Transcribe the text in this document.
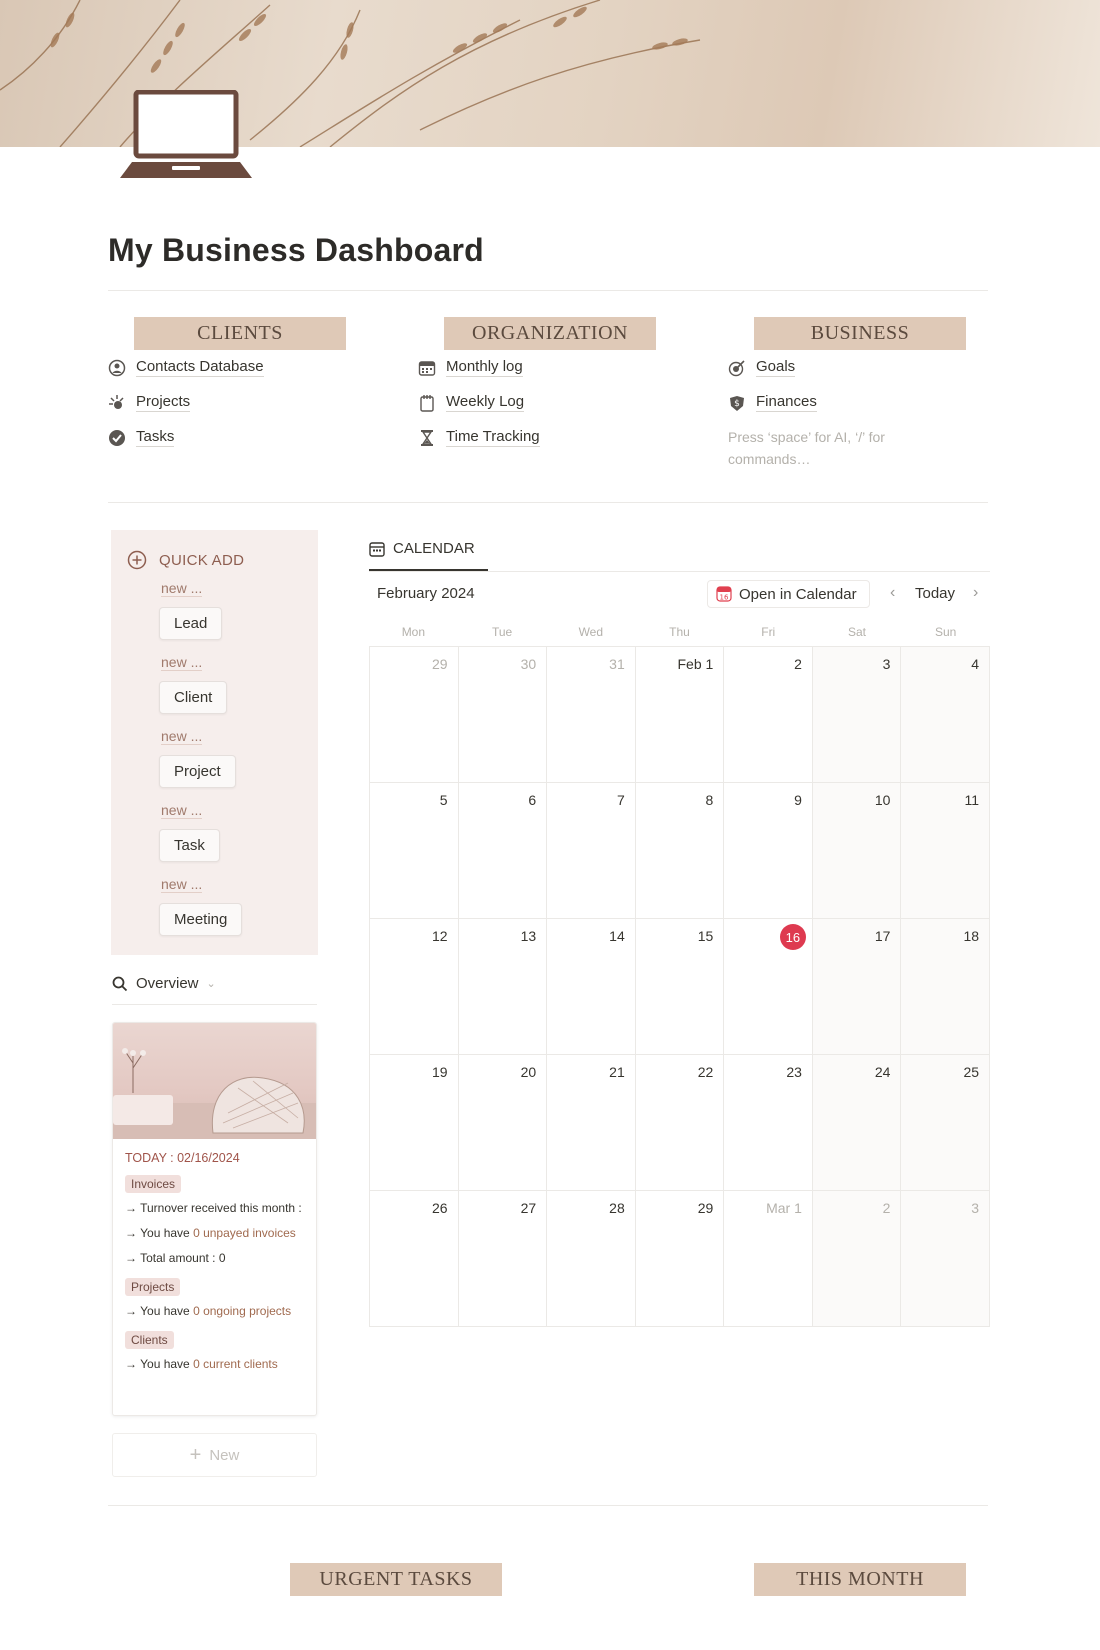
My Business Dashboard
CLIENTS
Contacts Database
Projects
Tasks
ORGANIZATION
Monthly log
Weekly Log
Time Tracking
BUSINESS
Goals
$ Finances
Press ‘space’ for AI, ‘/’ for commands…
QUICK ADD
new ...
Lead
new ...
Client
new ...
Project
new ...
Task
new ...
Meeting
Overview ⌄
TODAY : 02/16/2024
Invoices
→ Turnover received this month :
→ You have 0 unpayed invoices
→ Total amount : 0
Projects
→ You have 0 ongoing projects
Clients
→ You have 0 current clients
+ New
CALENDAR
February 2024	16 Open in Calendar ‹ Today ›
Mon	Tue	Wed	Thu	Fri	Sat	Sun
29	30	31	Feb 1	2	3	4
5	6	7	8	9	10	11
12	13	14	15	16	17	18
19	20	21	22	23	24	25
26	27	28	29	Mar 1	2	3
URGENT TASKS	THIS MONTH
